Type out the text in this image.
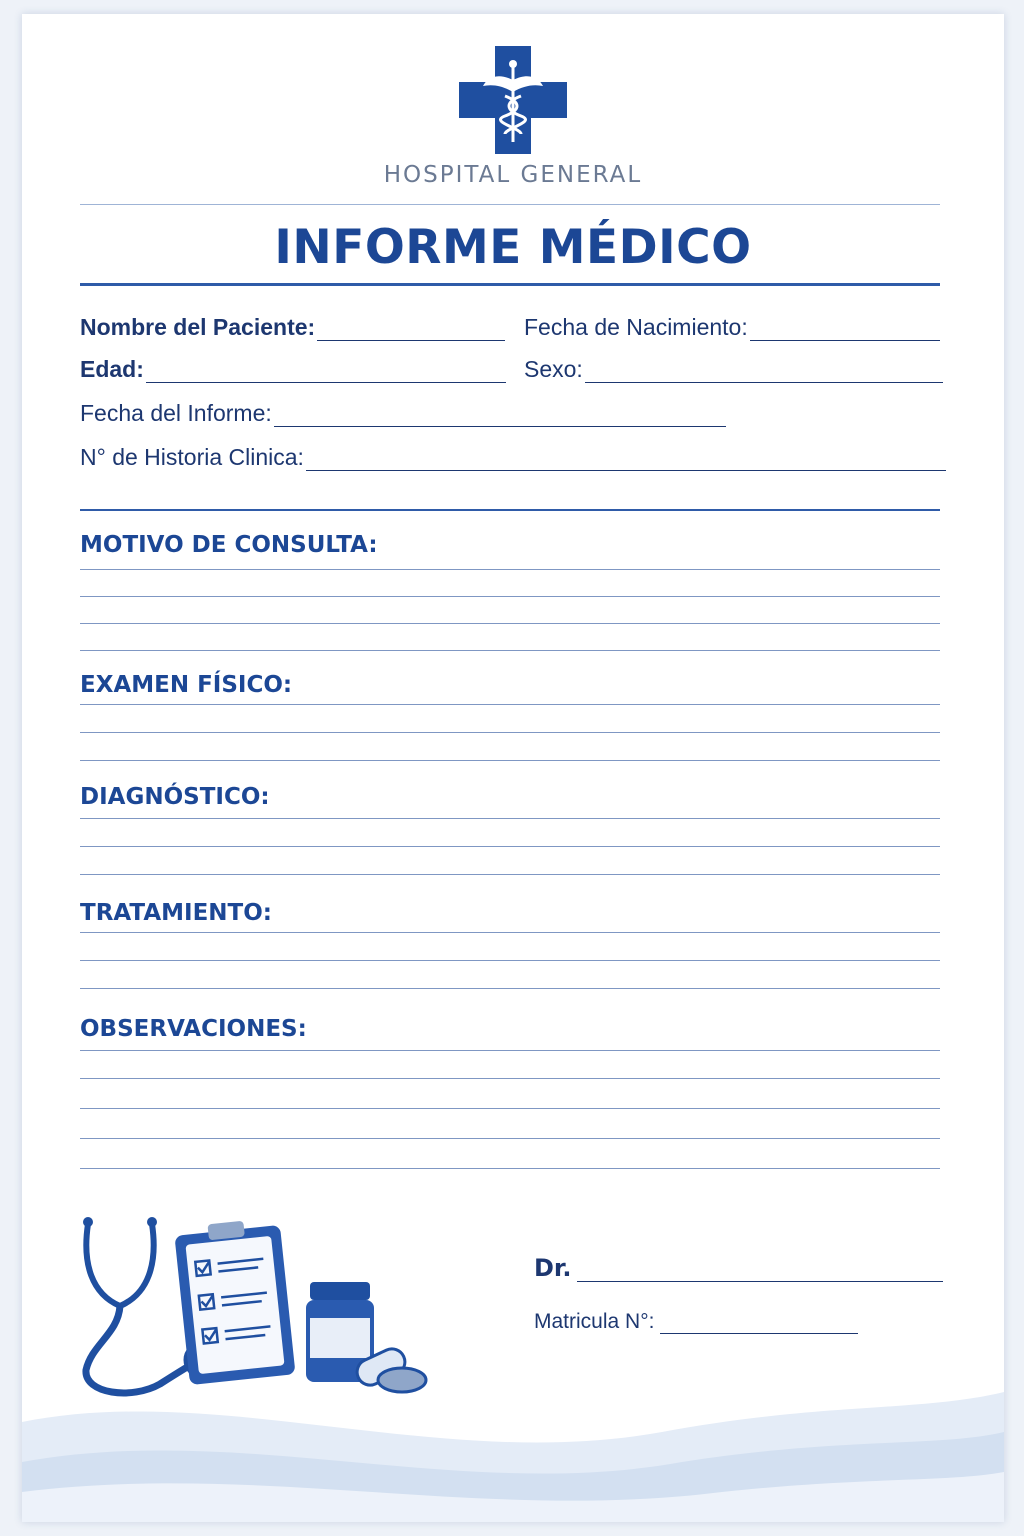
HOSPITAL GENERAL
INFORME MÉDICO
Nombre del Paciente:	Fecha de Nacimiento:
Edad:	Sexo:
Fecha del Informe:
N° de Historia Clinica:
MOTIVO DE CONSULTA:
EXAMEN FÍSICO:
DIAGNÓSTICO:
TRATAMIENTO:
OBSERVACIONES:
Dr.
Matricula N°:
